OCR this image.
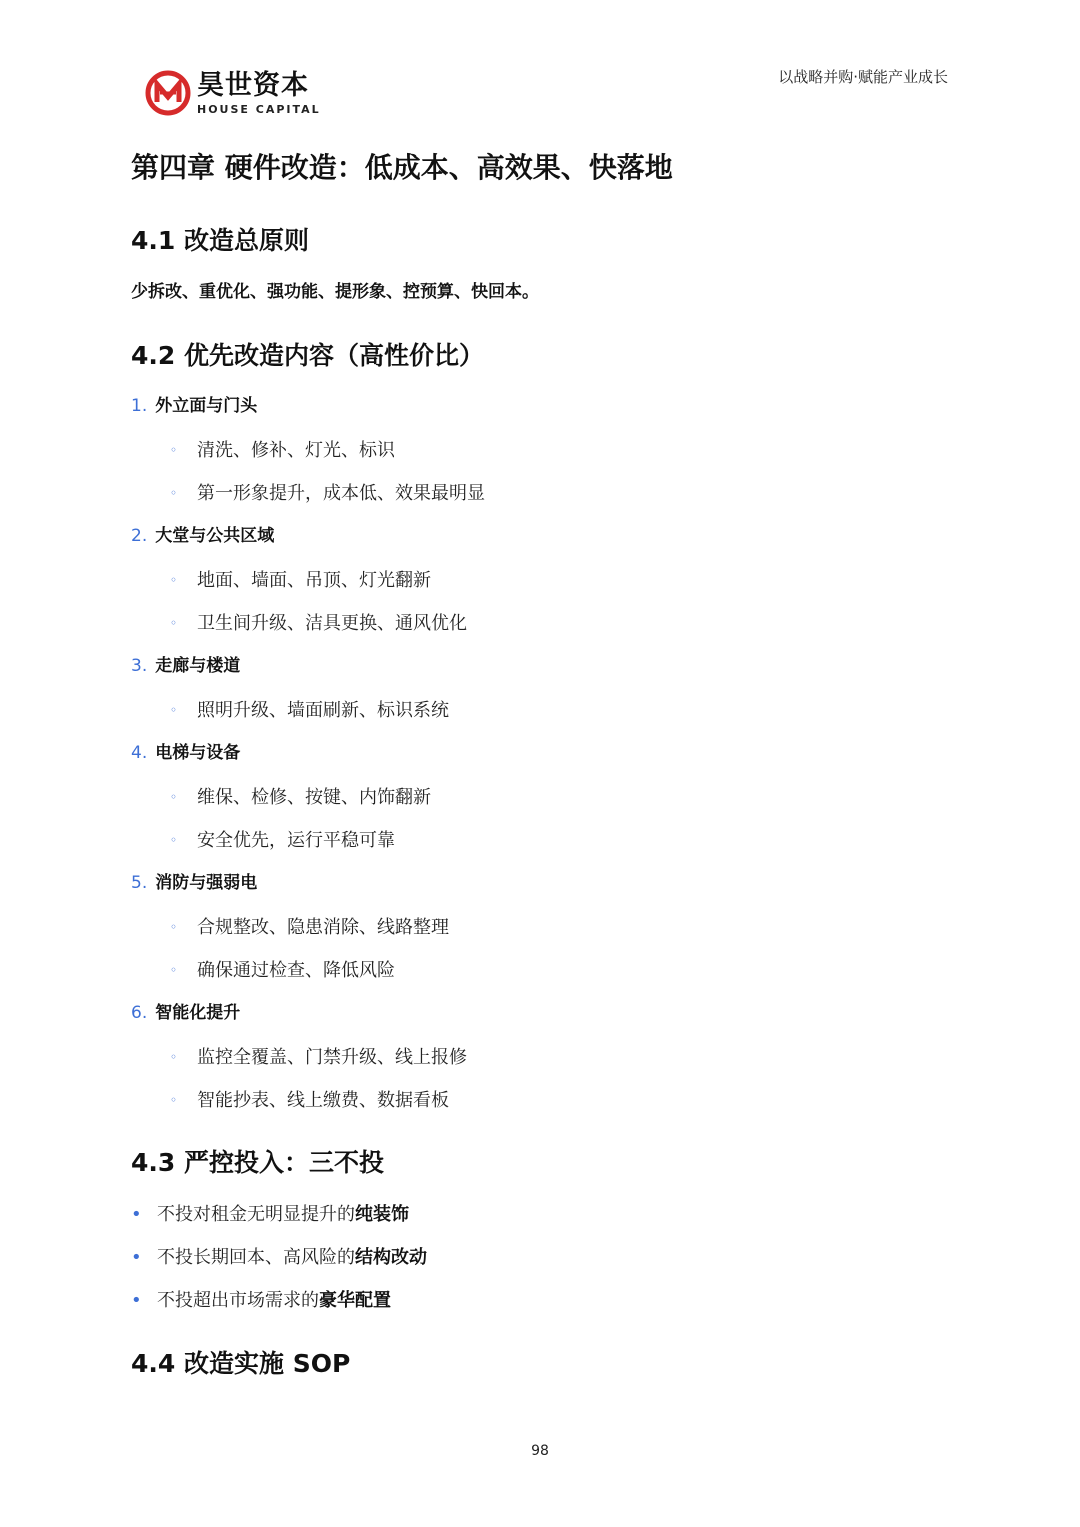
昊世资本
HOUSE CAPITAL
以战略并购·赋能产业成长
第四章 硬件改造：低成本、高效果、快落地
4.1 改造总原则
少拆改、重优化、强功能、提形象、控预算、快回本。
4.2 优先改造内容（高性价比）
1. 外立面与门头
◦ 清洗、修补、灯光、标识
◦ 第一形象提升，成本低、效果最明显
2. 大堂与公共区域
◦ 地面、墙面、吊顶、灯光翻新
◦ 卫生间升级、洁具更换、通风优化
3. 走廊与楼道
◦ 照明升级、墙面刷新、标识系统
4. 电梯与设备
◦ 维保、检修、按键、内饰翻新
◦ 安全优先，运行平稳可靠
5. 消防与强弱电
◦ 合规整改、隐患消除、线路整理
◦ 确保通过检查、降低风险
6. 智能化提升
◦ 监控全覆盖、门禁升级、线上报修
◦ 智能抄表、线上缴费、数据看板
4.3 严控投入：三不投
• 不投对租金无明显提升的纯装饰
• 不投长期回本、高风险的结构改动
• 不投超出市场需求的豪华配置
4.4 改造实施 SOP
98
